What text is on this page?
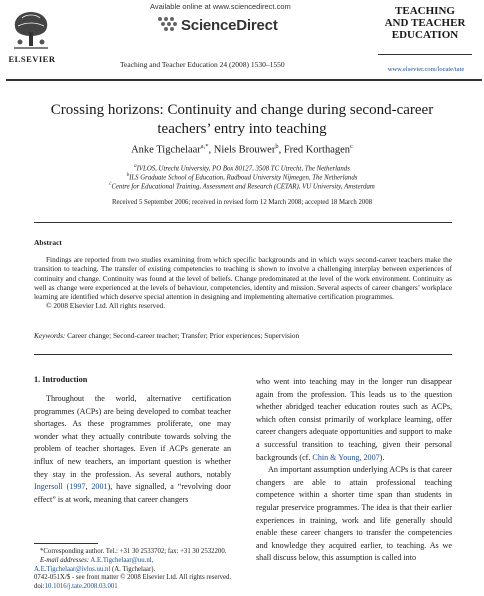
ELSEVIER
Available online at www.sciencedirect.com
ScienceDirect
Teaching and Teacher Education 24 (2008) 1530–1550
TEACHING
AND TEACHER
EDUCATION
www.elsevier.com/locate/tate
Crossing horizons: Continuity and change during second-career
teachers’ entry into teaching
Anke Tigchelaar$^{a,*}$, Niels Brouwer$^b$, Fred Korthagen$^c$
$^a$IVLOS, Utrecht University, PO Box 80127, 3508 TC Utrecht, The Netherlands
$^b$ILS Graduate School of Education, Radboud University Nijmegen, The Netherlands
$^c$Centre for Educational Training, Assessment and Research (CETAR), VU University, Amsterdam
Received 5 September 2006; received in revised form 12 March 2008; accepted 18 March 2008
Abstract
Findings are reported from two studies examining from which specific backgrounds and in which ways second-career teachers make the transition to teaching. The transfer of existing competencies to teaching is shown to involve a challenging interplay between experiences of continuity and change. Continuity was found at the level of beliefs. Change predominated at the level of the work environment. Continuity as well as change were experienced at the levels of behaviour, competencies, identity and mission. Several aspects of career changers’ workplace learning are identified which deserve special attention in designing and implementing alternative certification programmes.
© 2008 Elsevier Ltd. All rights reserved.
Keywords: Career change; Second-career teacher; Transfer; Prior experiences; Supervision
1. Introduction
Throughout the world, alternative certification programmes (ACPs) are being developed to combat teacher shortages. As these programmes proliferate, one may wonder what they actually contribute towards solving the problem of teacher shortages. Even if ACPs generate an influx of new teachers, an important question is whether they stay in the profession. As several authors, notably Ingersoll (1997, 2001), have signalled, a “revolving door effect” is at work, meaning that career changers
who went into teaching may in the longer run disappear again from the profession. This leads us to the question whether abridged teacher education routes such as ACPs, which often consist primarily of workplace learning, offer career changers adequate opportunities and support to make a successful transition to teaching, given their personal backgrounds (cf. Chin & Young, 2007).
An important assumption underlying ACPs is that career changers are able to attain professional teaching competence within a shorter time span than students in regular preservice programmes. The idea is that their earlier experiences in training, work and life generally should enable these career changers to transfer the competencies and knowledge they acquired earlier, to teaching. As we shall discuss below, this assumption is called into
*Corresponding author. Tel.: +31 30 2533702; fax: +31 30 2532200.
E-mail addresses: A.E.Tigchelaar@uu.nl,
A.E.Tigchelaar@ivlos.uu.nl (A. Tigchelaar).
0742-051X/$ - see front matter © 2008 Elsevier Ltd. All rights reserved.
doi:10.1016/j.tate.2008.03.001
